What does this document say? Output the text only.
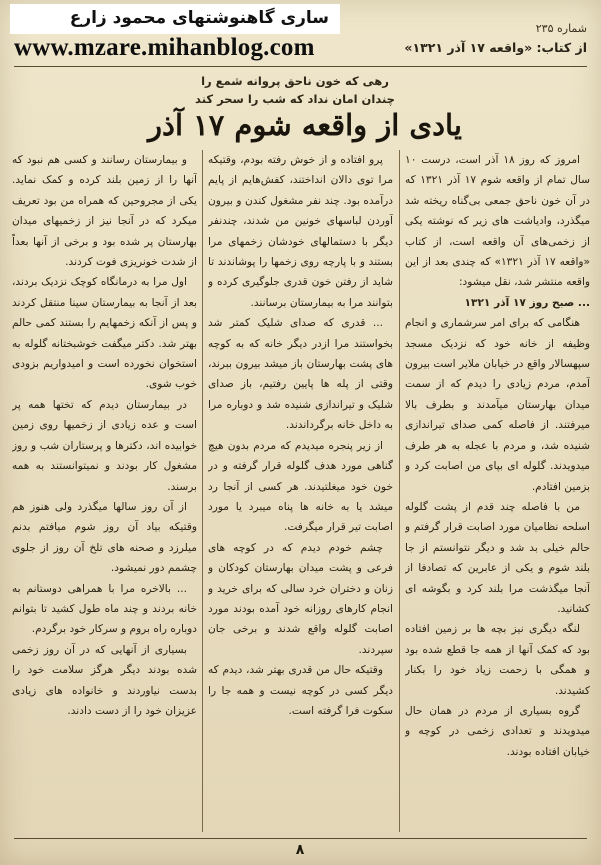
ساری گاهنوشتهای محمود زارع
www.mzare.mihanblog.com
شماره ۲۳۵
از کتاب: «واقعه ۱۷ آذر ۱۳۲۱»
رهی که خون ناحق پروانه شمع را
چندان امان نداد که شب را سحر کند
یادی از واقعه شوم ۱۷ آذر

امروز که روز ۱۸ آذر است، درست ۱۰ سال تمام از واقعه شوم ۱۷ آذر ۱۳۲۱ که در آن خون ناحق جمعی بی‌گناه ریخته شد میگذرد، وادیاشت های زیر که نوشته یکی از زخمی‌های آن واقعه است، از کتاب «واقعه ۱۷ آذر ۱۳۲۱» که چندی بعد از این واقعه منتشر شد، نقل میشود:

... صبح روز ۱۷ آذر ۱۳۲۱

هنگامی که برای امر سرشماری و انجام وظیفه از خانه خود که نزدیک مسجد سپهسالار واقع در خیابان ملایر است بیرون آمدم، مردم زیادی را دیدم که از سمت میدان بهارستان میآمدند و بطرف بالا میرفتند. از فاصله کمی صدای تیراندازی شنیده شد، و مردم با عجله به هر طرف میدویدند. گلوله ای بپای من اصابت کرد و بزمین افتادم.

من با فاصله چند قدم از پشت گلوله اسلحه نظامیان مورد اصابت قرار گرفتم و حالم خیلی بد شد و دیگر نتوانستم از جا بلند شوم و یکی از عابرین که تصادفا از آنجا میگذشت مرا بلند کرد و بگوشه ای کشانید.

لنگه دیگری نیز بچه ها بر زمین افتاده بود که کمک آنها از همه جا قطع شده بود و همگی با زحمت زیاد خود را بکنار کشیدند.

گروه بسیاری از مردم در همان حال میدویدند و تعدادی زخمی در کوچه و خیابان افتاده بودند.

پرو افتاده و از خوش رفته بودم، وقتیکه مرا توی دالان انداختند، کفش‌هایم از پایم درآمده بود. چند نفر مشغول کندن و بیرون آوردن لباسهای خونین من شدند، چندنفر دیگر با دستمالهای خودشان زخمهای مرا بستند و با پارچه روی زخمها را پوشاندند تا شاید از رفتن خون قدری جلوگیری کرده و بتوانند مرا به بیمارستان برسانند.

... قدری که صدای شلیک کمتر شد بخواستند مرا ازدر دیگر خانه که به کوچه های پشت بهارستان باز میشد بیرون ببرند، وقتی از پله ها پایین رفتیم، باز صدای شلیک و تیراندازی شنیده شد و دوباره مرا به داخل خانه برگرداندند.

از زیر پنجره میدیدم که مردم بدون هیچ گناهی مورد هدف گلوله قرار گرفته و در خون خود میغلتیدند. هر کسی از آنجا رد میشد یا به خانه ها پناه میبرد یا مورد اصابت تیر قرار میگرفت.

چشم خودم دیدم که در کوچه های فرعی و پشت میدان بهارستان کودکان و زنان و دختران خرد سالی که برای خرید و انجام کارهای روزانه خود آمده بودند مورد اصابت گلوله واقع شدند و برخی جان سپردند.

وقتیکه حال من قدری بهتر شد، دیدم که دیگر کسی در کوچه نیست و همه جا را سکوت فرا گرفته است.

و بیمارستان رسانند و کسی هم نبود که آنها را از زمین بلند کرده و کمک نماید. یکی از مجروحین که همراه من بود تعریف میکرد که در آنجا نیز از زخمیهای میدان بهارستان پر شده بود و برخی از آنها بعداً از شدت خونریزی فوت کردند.

اول مرا به درمانگاه کوچک نزدیک بردند، بعد از آنجا به بیمارستان سینا منتقل کردند و پس از آنکه زخمهایم را بستند کمی حالم بهتر شد. دکتر میگفت خوشبختانه گلوله به استخوان نخورده است و امیدواریم بزودی خوب شوی.

در بیمارستان دیدم که تختها همه پر است و عده زیادی از زخمیها روی زمین خوابیده اند، دکترها و پرستاران شب و روز مشغول کار بودند و نمیتوانستند به همه برسند.

از آن روز سالها میگذرد ولی هنوز هم وقتیکه بیاد آن روز شوم میافتم بدنم میلرزد و صحنه های تلخ آن روز از جلوی چشمم دور نمیشود.

... بالاخره مرا با همراهی دوستانم به خانه بردند و چند ماه طول کشید تا بتوانم دوباره راه بروم و سرکار خود برگردم.

بسیاری از آنهایی که در آن روز زخمی شده بودند دیگر هرگز سلامت خود را بدست نیاوردند و خانواده های زیادی عزیزان خود را از دست دادند.

۸
